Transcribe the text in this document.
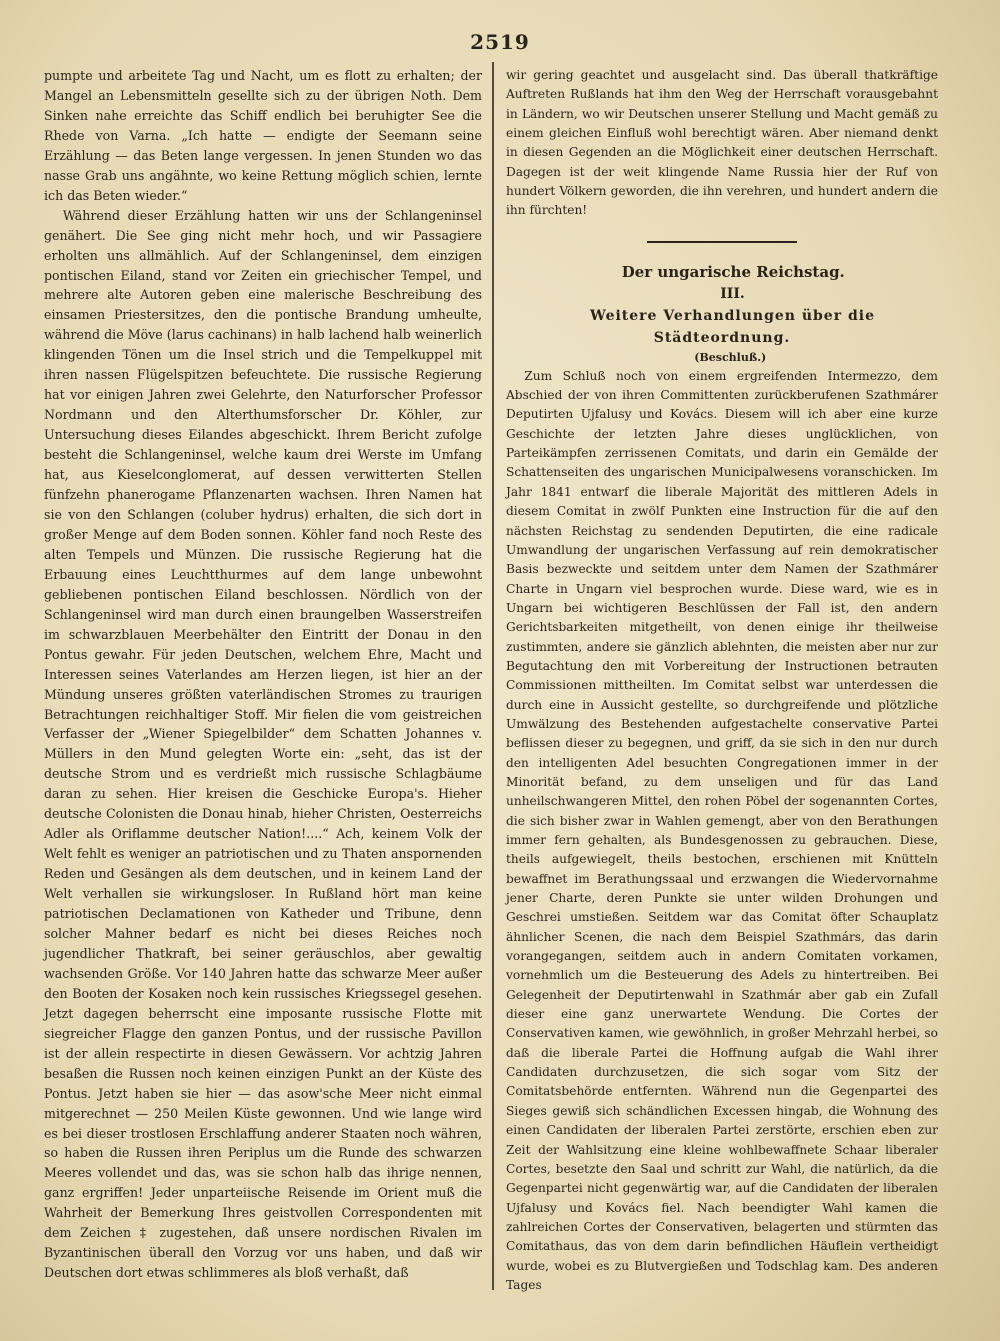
2519

pumpte und arbeitete Tag und Nacht, um es flott zu erhalten; der Mangel an Lebensmitteln gesellte sich zu der übrigen Noth. Dem Sinken nahe erreichte das Schiff endlich bei beruhigter See die Rhede von Varna. „Ich hatte — endigte der Seemann seine Erzählung — das Beten lange vergessen. In jenen Stunden wo das nasse Grab uns angähnte, wo keine Rettung möglich schien, lernte ich das Beten wieder.“

Während dieser Erzählung hatten wir uns der Schlangeninsel genähert. Die See ging nicht mehr hoch, und wir Passagiere erholten uns allmählich. Auf der Schlangeninsel, dem einzigen pontischen Eiland, stand vor Zeiten ein griechischer Tempel, und mehrere alte Autoren geben eine malerische Beschreibung des einsamen Priestersitzes, den die pontische Brandung umheulte, während die Möve (larus cachinans) in halb lachend halb weinerlich klingenden Tönen um die Insel strich und die Tempelkuppel mit ihren nassen Flügelspitzen befeuchtete. Die russische Regierung hat vor einigen Jahren zwei Gelehrte, den Naturforscher Professor Nordmann und den Alterthumsforscher Dr. Köhler, zur Untersuchung dieses Eilandes abgeschickt. Ihrem Bericht zufolge besteht die Schlangeninsel, welche kaum drei Werste im Umfang hat, aus Kieselconglomerat, auf dessen verwitterten Stellen fünfzehn phanerogame Pflanzenarten wachsen. Ihren Namen hat sie von den Schlangen (coluber hydrus) erhalten, die sich dort in großer Menge auf dem Boden sonnen. Köhler fand noch Reste des alten Tempels und Münzen. Die russische Regierung hat die Erbauung eines Leuchtthurmes auf dem lange unbewohnt gebliebenen pontischen Eiland beschlossen. Nördlich von der Schlangeninsel wird man durch einen braungelben Wasserstreifen im schwarzblauen Meerbehälter den Eintritt der Donau in den Pontus gewahr. Für jeden Deutschen, welchem Ehre, Macht und Interessen seines Vaterlandes am Herzen liegen, ist hier an der Mündung unseres größten vaterländischen Stromes zu traurigen Betrachtungen reichhaltiger Stoff. Mir fielen die vom geistreichen Verfasser der „Wiener Spiegelbilder“ dem Schatten Johannes v. Müllers in den Mund gelegten Worte ein: „seht, das ist der deutsche Strom und es verdrießt mich russische Schlagbäume daran zu sehen. Hier kreisen die Geschicke Europa's. Hieher deutsche Colonisten die Donau hinab, hieher Christen, Oesterreichs Adler als Oriflamme deutscher Nation!....“ Ach, keinem Volk der Welt fehlt es weniger an patriotischen und zu Thaten anspornenden Reden und Gesängen als dem deutschen, und in keinem Land der Welt verhallen sie wirkungsloser. In Rußland hört man keine patriotischen Declamationen von Katheder und Tribune, denn solcher Mahner bedarf es nicht bei dieses Reiches noch jugendlicher Thatkraft, bei seiner geräuschlos, aber gewaltig wachsenden Größe. Vor 140 Jahren hatte das schwarze Meer außer den Booten der Kosaken noch kein russisches Kriegssegel gesehen. Jetzt dagegen beherrscht eine imposante russische Flotte mit siegreicher Flagge den ganzen Pontus, und der russische Pavillon ist der allein respectirte in diesen Gewässern. Vor achtzig Jahren besaßen die Russen noch keinen einzigen Punkt an der Küste des Pontus. Jetzt haben sie hier — das asow'sche Meer nicht einmal mitgerechnet — 250 Meilen Küste gewonnen. Und wie lange wird es bei dieser trostlosen Erschlaffung anderer Staaten noch währen, so haben die Russen ihren Periplus um die Runde des schwarzen Meeres vollendet und das, was sie schon halb das ihrige nennen, ganz ergriffen! Jeder unparteiische Reisende im Orient muß die Wahrheit der Bemerkung Ihres geistvollen Correspondenten mit dem Zeichen ‡ zugestehen, daß unsere nordischen Rivalen im Byzantinischen überall den Vorzug vor uns haben, und daß wir Deutschen dort etwas schlimmeres als bloß verhaßt, daß

wir gering geachtet und ausgelacht sind. Das überall thatkräftige Auftreten Rußlands hat ihm den Weg der Herrschaft vorausgebahnt in Ländern, wo wir Deutschen unserer Stellung und Macht gemäß zu einem gleichen Einfluß wohl berechtigt wären. Aber niemand denkt in diesen Gegenden an die Möglichkeit einer deutschen Herrschaft. Dagegen ist der weit klingende Name Russia hier der Ruf von hundert Völkern geworden, die ihn verehren, und hundert andern die ihn fürchten!

Der ungarische Reichstag.

III.

Weitere Verhandlungen über die Städteordnung.

(Beschluß.)

Zum Schluß noch von einem ergreifenden Intermezzo, dem Abschied der von ihren Committenten zurückberufenen Szathmárer Deputirten Ujfalusy und Kovács. Diesem will ich aber eine kurze Geschichte der letzten Jahre dieses unglücklichen, von Parteikämpfen zerrissenen Comitats, und darin ein Gemälde der Schattenseiten des ungarischen Municipalwesens voranschicken. Im Jahr 1841 entwarf die liberale Majorität des mittleren Adels in diesem Comitat in zwölf Punkten eine Instruction für die auf den nächsten Reichstag zu sendenden Deputirten, die eine radicale Umwandlung der ungarischen Verfassung auf rein demokratischer Basis bezweckte und seitdem unter dem Namen der Szathmárer Charte in Ungarn viel besprochen wurde. Diese ward, wie es in Ungarn bei wichtigeren Beschlüssen der Fall ist, den andern Gerichtsbarkeiten mitgetheilt, von denen einige ihr theilweise zustimmten, andere sie gänzlich ablehnten, die meisten aber nur zur Begutachtung den mit Vorbereitung der Instructionen betrauten Commissionen mittheilten. Im Comitat selbst war unterdessen die durch eine in Aussicht gestellte, so durchgreifende und plötzliche Umwälzung des Bestehenden aufgestachelte conservative Partei beflissen dieser zu begegnen, und griff, da sie sich in den nur durch den intelligenten Adel besuchten Congregationen immer in der Minorität befand, zu dem unseligen und für das Land unheilschwangeren Mittel, den rohen Pöbel der sogenannten Cortes, die sich bisher zwar in Wahlen gemengt, aber von den Berathungen immer fern gehalten, als Bundesgenossen zu gebrauchen. Diese, theils aufgewiegelt, theils bestochen, erschienen mit Knütteln bewaffnet im Berathungssaal und erzwangen die Wiedervornahme jener Charte, deren Punkte sie unter wilden Drohungen und Geschrei umstießen. Seitdem war das Comitat öfter Schauplatz ähnlicher Scenen, die nach dem Beispiel Szathmárs, das darin vorangegangen, seitdem auch in andern Comitaten vorkamen, vornehmlich um die Besteuerung des Adels zu hintertreiben. Bei Gelegenheit der Deputirtenwahl in Szathmár aber gab ein Zufall dieser eine ganz unerwartete Wendung. Die Cortes der Conservativen kamen, wie gewöhnlich, in großer Mehrzahl herbei, so daß die liberale Partei die Hoffnung aufgab die Wahl ihrer Candidaten durchzusetzen, die sich sogar vom Sitz der Comitatsbehörde entfernten. Während nun die Gegenpartei des Sieges gewiß sich schändlichen Excessen hingab, die Wohnung des einen Candidaten der liberalen Partei zerstörte, erschien eben zur Zeit der Wahlsitzung eine kleine wohlbewaffnete Schaar liberaler Cortes, besetzte den Saal und schritt zur Wahl, die natürlich, da die Gegenpartei nicht gegenwärtig war, auf die Candidaten der liberalen Ujfalusy und Kovács fiel. Nach beendigter Wahl kamen die zahlreichen Cortes der Conservativen, belagerten und stürmten das Comitathaus, das von dem darin befindlichen Häuflein vertheidigt wurde, wobei es zu Blutvergießen und Todschlag kam. Des anderen Tages
